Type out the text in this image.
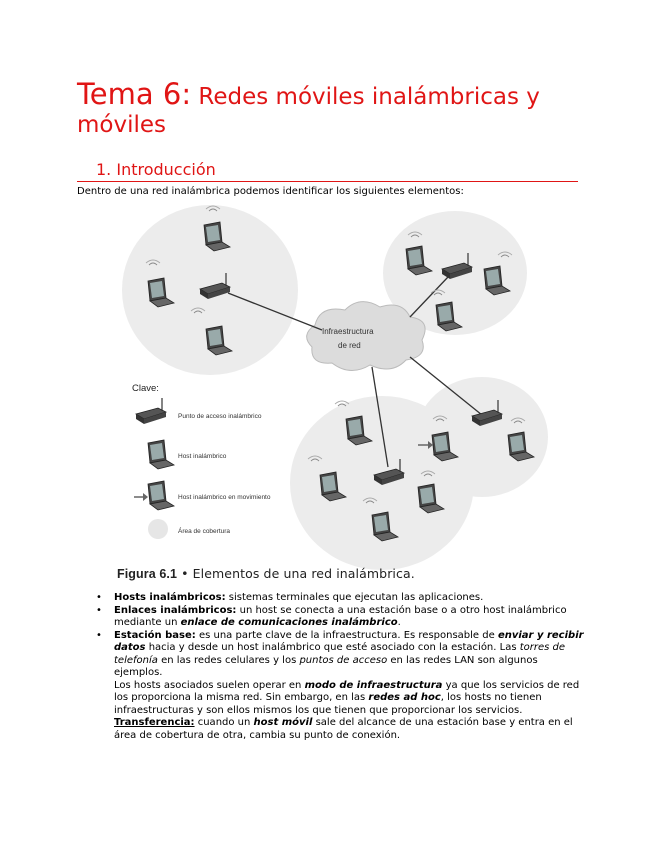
Tema 6: Redes móviles inalámbricas y móviles
1. Introducción
Dentro de una red inalámbrica podemos identificar los siguientes elementos:
Infraestructura
de red
Clave:
Punto de acceso inalámbrico
Host inalámbrico
Host inalámbrico en movimiento
Área de cobertura
Figura 6.1 • Elementos de una red inalámbrica.
• Hosts inalámbricos: sistemas terminales que ejecutan las aplicaciones.
• Enlaces inalámbricos: un host se conecta a una estación base o a otro host inalámbrico mediante un enlace de comunicaciones inalámbrico.
• Estación base: es una parte clave de la infraestructura. Es responsable de enviar y recibir datos hacia y desde un host inalámbrico que esté asociado con la estación. Las torres de telefonía en las redes celulares y los puntos de acceso en las redes LAN son algunos ejemplos.
Los hosts asociados suelen operar en modo de infraestructura ya que los servicios de red los proporciona la misma red. Sin embargo, en las redes ad hoc, los hosts no tienen infraestructuras y son ellos mismos los que tienen que proporcionar los servicios.
Transferencia: cuando un host móvil sale del alcance de una estación base y entra en el área de cobertura de otra, cambia su punto de conexión.
